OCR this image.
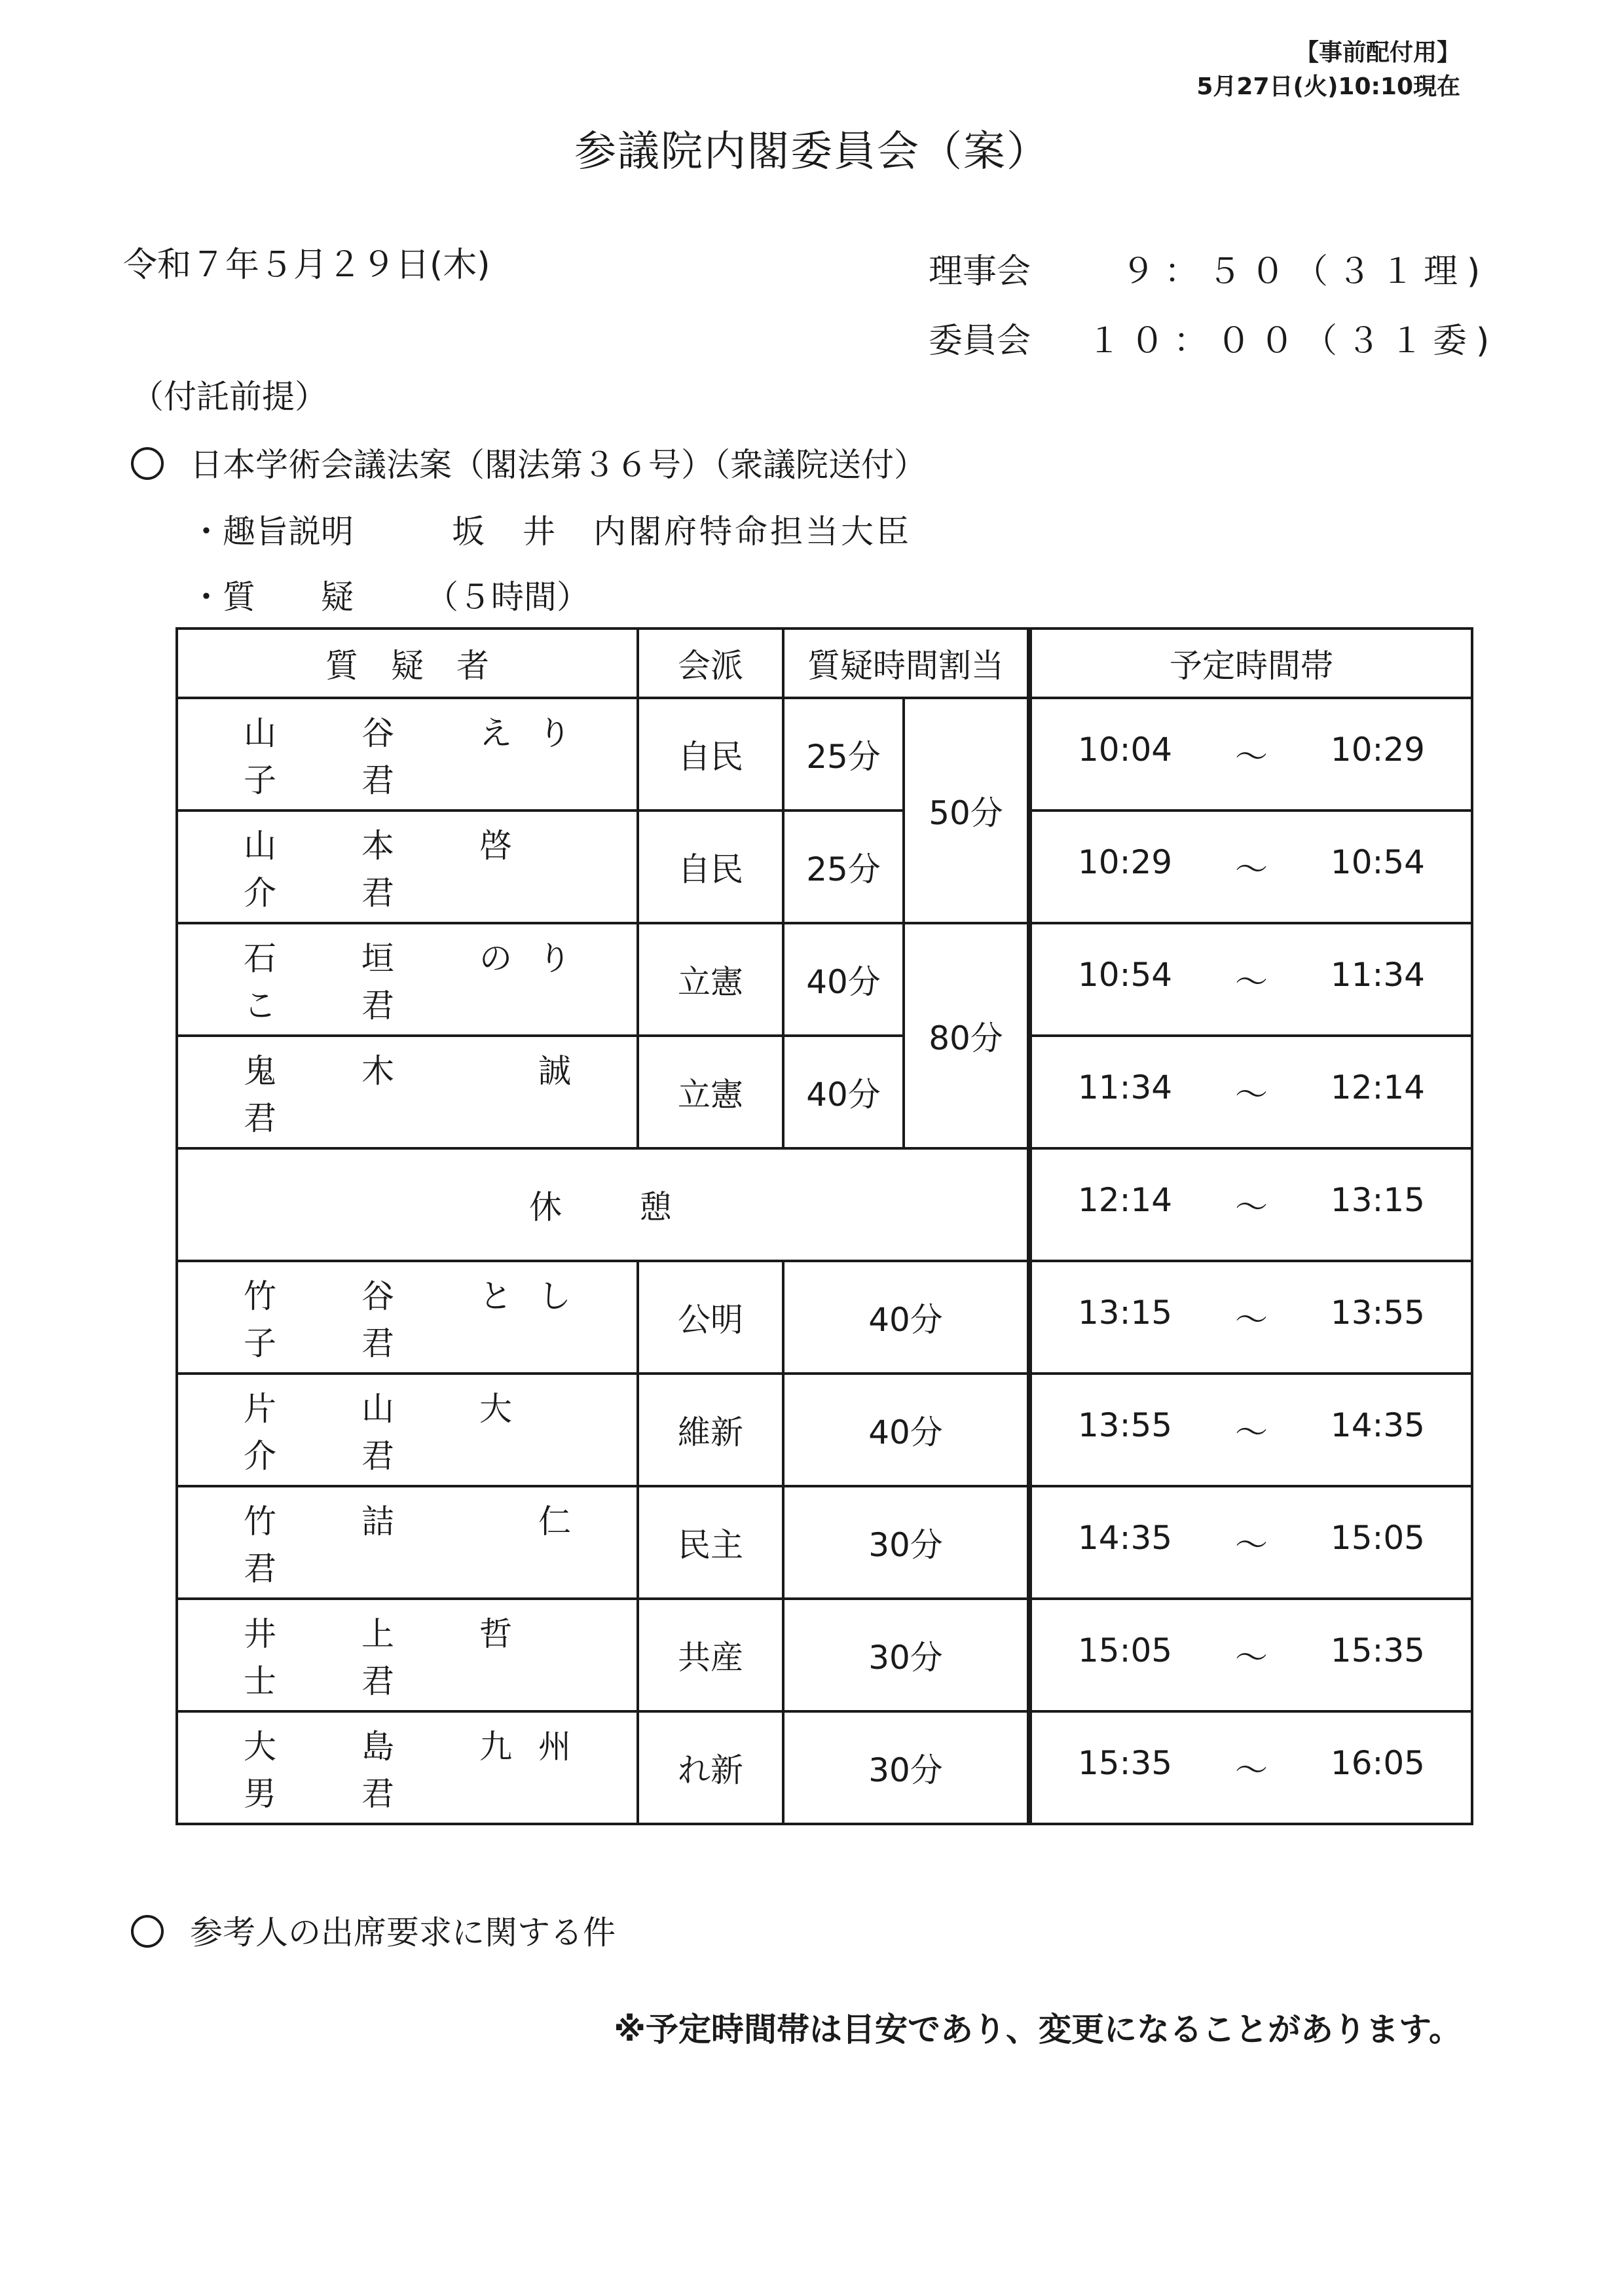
【事前配付用】
5月27日(火)10:10現在
参議院内閣委員会（案）
令和７年５月２９日(木)	理事会	９：５０（３１理)
委員会 １０：００（３１委)
（付託前提）
日本学術会議法案（閣法第３６号）（衆議院送付）
・趣旨説明	坂　井　内閣府特命担当大臣
・質　　疑 （５時間）
質　疑　者	会派	質疑時間割当		予定時間帯
山　谷　えり子　君	自民	25分	50分	10:04 ～ 10:29

山　本　啓　介　君	自民	25分		10:29 ～ 10:54

石　垣　のりこ　君	立憲	40分	80分	10:54 ～ 11:34

鬼　木　　誠　君	立憲	40分		11:34 ～ 12:14

休　　憩				12:14 ～ 13:15

竹　谷　とし子　君	公明	40分		13:15 ～ 13:55

片　山　大　介　君	維新	40分		13:55 ～ 14:35

竹　詰　　仁　君	民主	30分		14:35 ～ 15:05

井　上　哲　士　君	共産	30分		15:05 ～ 15:35

大　島　九州男　君	れ新	30分		15:35 ～ 16:05
参考人の出席要求に関する件
※予定時間帯は目安であり、変更になることがあります。
